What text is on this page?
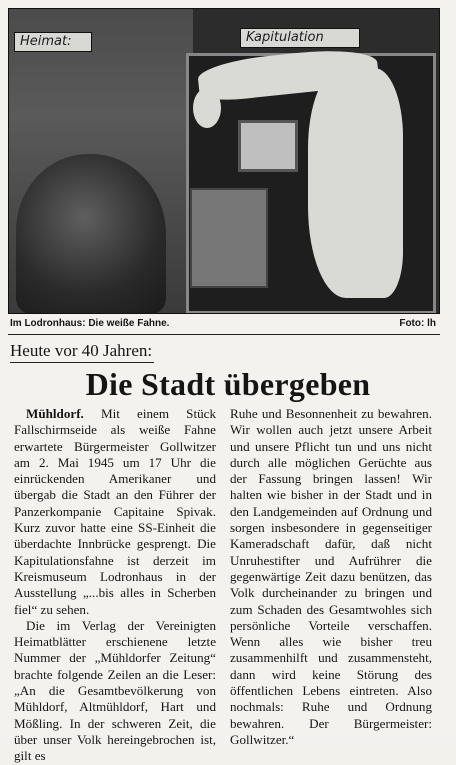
Heimat:	Kapitulation
Im Lodronhaus: Die weiße Fahne.	Foto: lh
Heute vor 40 Jahren:
Die Stadt übergeben

Mühldorf. Mit einem Stück Fallschirmseide als weiße Fahne erwartete Bürgermeister Gollwitzer am 2. Mai 1945 um 17 Uhr die einrückenden Amerikaner und übergab die Stadt an den Führer der Panzerkompanie Capitaine Spivak. Kurz zuvor hatte eine SS-Einheit die überdachte Innbrücke gesprengt. Die Kapitulationsfahne ist derzeit im Kreismuseum Lodronhaus in der Ausstellung „...bis alles in Scherben fiel“ zu sehen.

Die im Verlag der Vereinigten Heimatblätter erschienene letzte Nummer der „Mühldorfer Zeitung“ brachte folgende Zeilen an die Leser: „An die Gesamtbevölkerung von Mühldorf, Altmühldorf, Hart und Mößling. In der schweren Zeit, die über unser Volk hereingebrochen ist, gilt es

Ruhe und Besonnenheit zu bewahren. Wir wollen auch jetzt unsere Arbeit und unsere Pflicht tun und uns nicht durch alle möglichen Gerüchte aus der Fassung bringen lassen! Wir halten wie bisher in der Stadt und in den Landgemeinden auf Ordnung und sorgen insbesondere in gegenseitiger Kameradschaft dafür, daß nicht Unruhestifter und Aufrührer die gegenwärtige Zeit dazu benützen, das Volk durcheinander zu bringen und zum Schaden des Gesamtwohles sich persönliche Vorteile verschaffen. Wenn alles wie bisher treu zusammenhilft und zusammensteht, dann wird keine Störung des öffentlichen Lebens eintreten. Also nochmals: Ruhe und Ordnung bewahren. Der Bürgermeister: Gollwitzer.“
